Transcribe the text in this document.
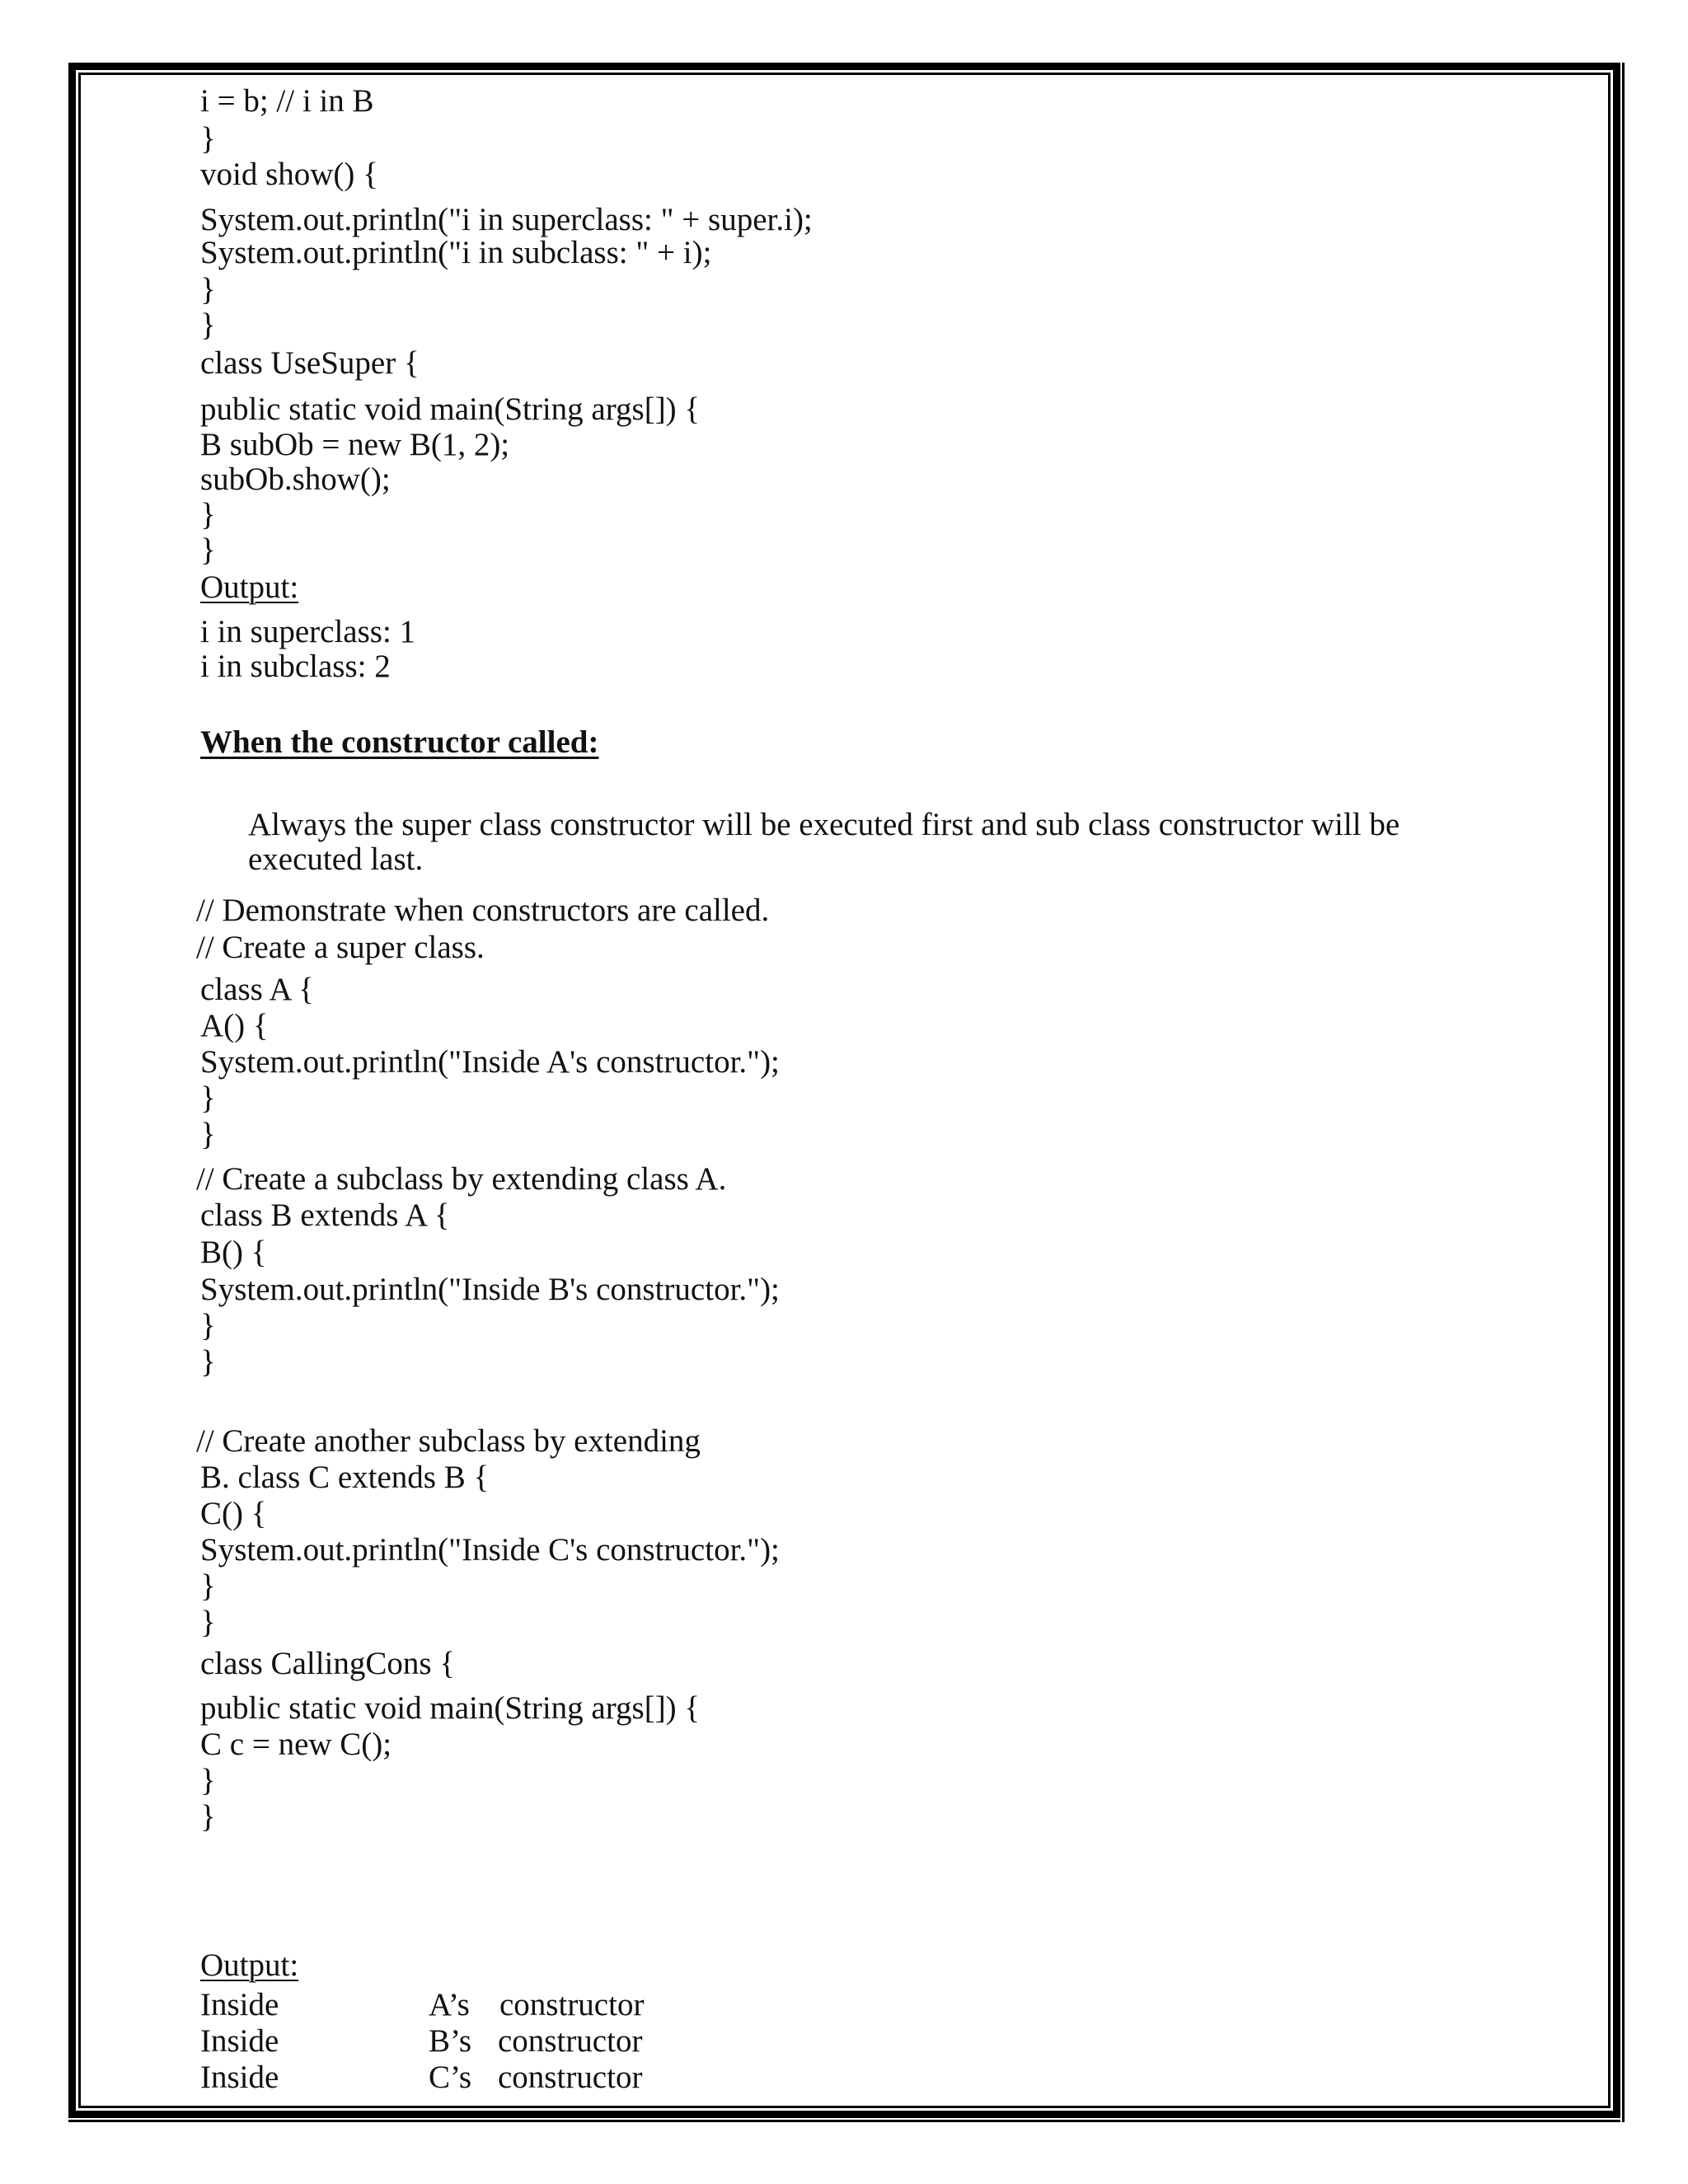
i = b; // i in B
}
void show() {
System.out.println("i in superclass: " + super.i);
System.out.println("i in subclass: " + i);
}
}
class UseSuper {
public static void main(String args[]) {
B subOb = new B(1, 2);
subOb.show();
}
}
Output:
i in superclass: 1
i in subclass: 2
When the constructor called:
Always the super class constructor will be executed first and sub class constructor will be
executed last.
// Demonstrate when constructors are called.
// Create a super class.
class A {
A() {
System.out.println("Inside A's constructor.");
}
}
// Create a subclass by extending class A.
class B extends A {
B() {
System.out.println("Inside B's constructor.");
}
}
// Create another subclass by extending
B. class C extends B {
C() {
System.out.println("Inside C's constructor.");
}
}
class CallingCons {
public static void main(String args[]) {
C c = new C();
}
}
Output:
Inside	A’s constructor
Inside	B’s constructor
Inside	C’s constructor
